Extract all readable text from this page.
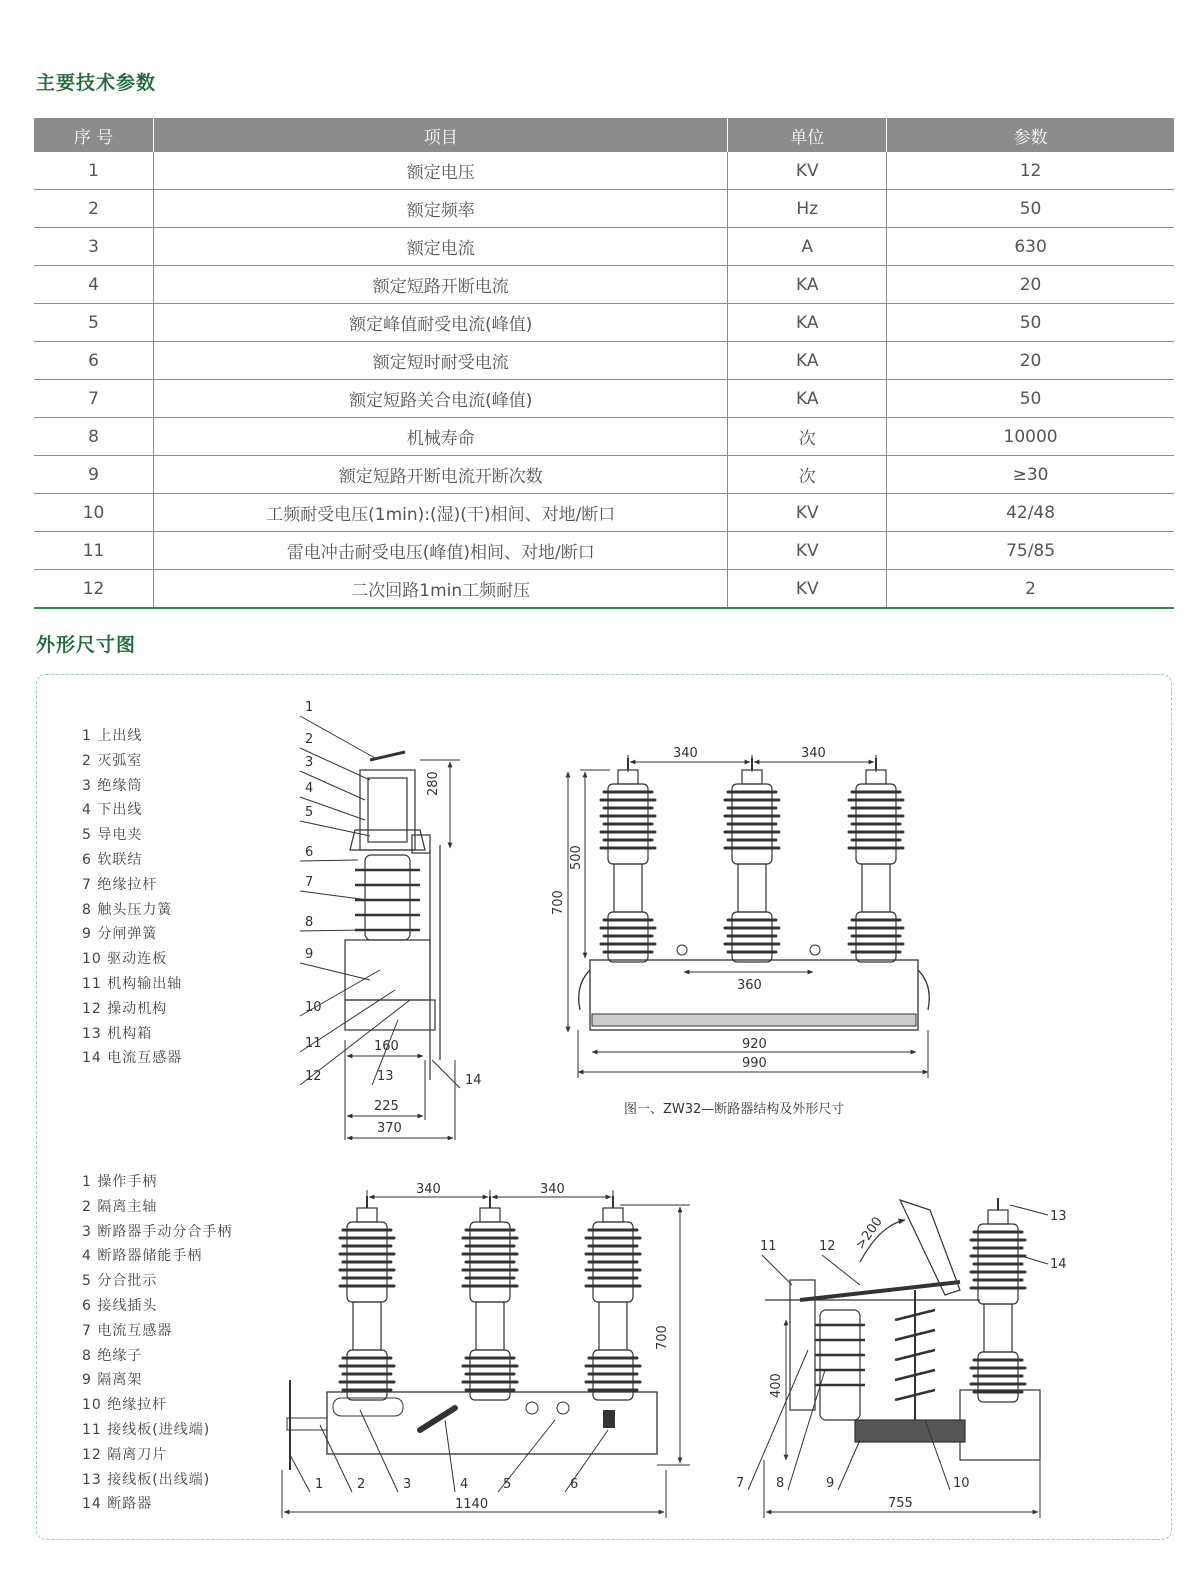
主要技术参数
序 号	项目	单位	参数
1	额定电压	KV	12
2	额定频率	Hz	50
3	额定电流	A	630
4	额定短路开断电流	KA	20
5	额定峰值耐受电流(峰值)	KA	50
6	额定短时耐受电流	KA	20
7	额定短路关合电流(峰值)	KA	50
8	机械寿命	次	10000
9	额定短路开断电流开断次数	次	≥30
10	工频耐受电压(1min):(湿)(干)相间、对地/断口	KV	42/48
11	雷电冲击耐受电压(峰值)相间、对地/断口	KV	75/85
12	二次回路1min工频耐压	KV	2
外形尺寸图
1 上出线
2 灭弧室
3 绝缘筒
4 下出线
5 导电夹
6 软联结
7 绝缘拉杆
8 触头压力簧
9 分闸弹簧
10 驱动连板
11 机构输出轴
12 操动机构
13 机构箱
14 电流互感器
1 操作手柄
2 隔离主轴
3 断路器手动分合手柄
4 断路器储能手柄
5 分合批示
6 接线插头
7 电流互感器
8 绝缘子
9 隔离架
10 绝缘拉杆
11 接线板(进线端)
12 隔离刀片
13 接线板(出线端)
14 断路器
1
2
3
4
5
6
7
8
9
10
11
12	13	14
280
160
225
370
340	340
500
700
360
920
990
图一、ZW32—断路器结构及外形尺寸
1	2	3	4	5	6
340	340
700
1140
7 8	9	10
11	12
13
14
>200
400
755
